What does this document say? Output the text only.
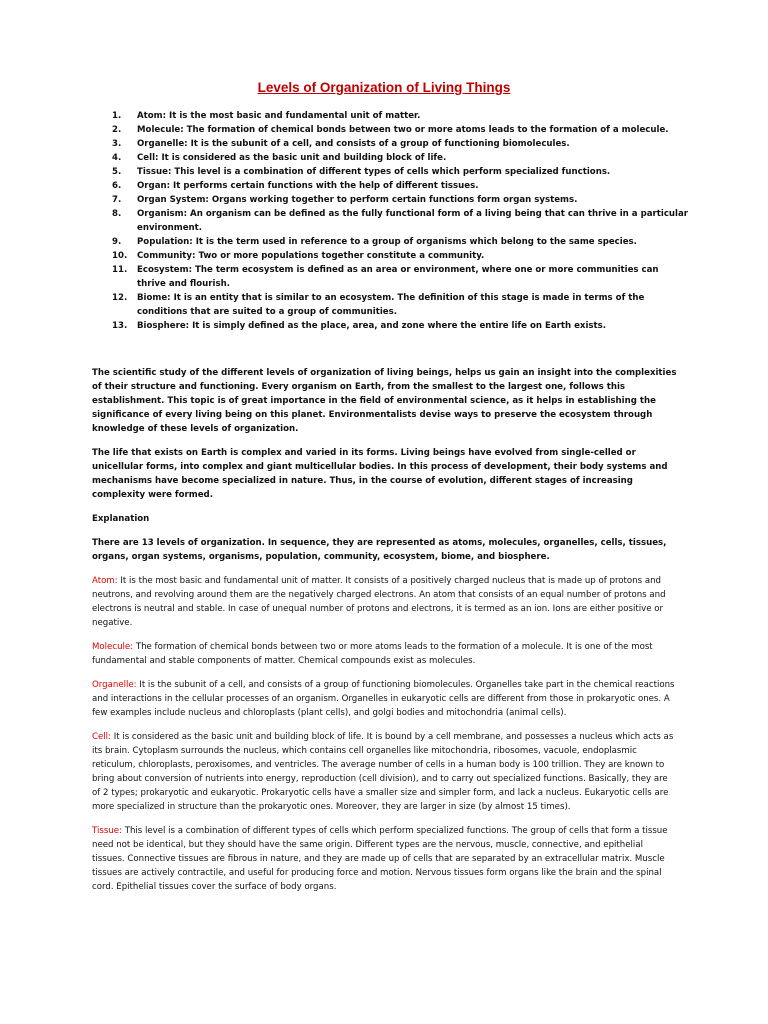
Levels of Organization of Living Things
1.	Atom: It is the most basic and fundamental unit of matter.
2.	Molecule: The formation of chemical bonds between two or more atoms leads to the formation of a molecule.
3.	Organelle: It is the subunit of a cell, and consists of a group of functioning biomolecules.
4.	Cell: It is considered as the basic unit and building block of life.
5.	Tissue: This level is a combination of different types of cells which perform specialized functions.
6.	Organ: It performs certain functions with the help of different tissues.
7.	Organ System: Organs working together to perform certain functions form organ systems.
8.	Organism: An organism can be defined as the fully functional form of a living being that can thrive in a particular environment.
9.	Population: It is the term used in reference to a group of organisms which belong to the same species.
10.	Community: Two or more populations together constitute a community.
11.	Ecosystem: The term ecosystem is defined as an area or environment, where one or more communities can thrive and flourish.
12.	Biome: It is an entity that is similar to an ecosystem. The definition of this stage is made in terms of the conditions that are suited to a group of communities.
13.	Biosphere: It is simply defined as the place, area, and zone where the entire life on Earth exists.

The scientific study of the different levels of organization of living beings, helps us gain an insight into the complexities of their structure and functioning. Every organism on Earth, from the smallest to the largest one, follows this establishment. This topic is of great importance in the field of environmental science, as it helps in establishing the significance of every living being on this planet. Environmentalists devise ways to preserve the ecosystem through knowledge of these levels of organization.

The life that exists on Earth is complex and varied in its forms. Living beings have evolved from single-celled or unicellular forms, into complex and giant multicellular bodies. In this process of development, their body systems and mechanisms have become specialized in nature. Thus, in the course of evolution, different stages of increasing complexity were formed.

Explanation

There are 13 levels of organization. In sequence, they are represented as atoms, molecules, organelles, cells, tissues, organs, organ systems, organisms, population, community, ecosystem, biome, and biosphere.

Atom: It is the most basic and fundamental unit of matter. It consists of a positively charged nucleus that is made up of protons and neutrons, and revolving around them are the negatively charged electrons. An atom that consists of an equal number of protons and electrons is neutral and stable. In case of unequal number of protons and electrons, it is termed as an ion. Ions are either positive or negative.

Molecule: The formation of chemical bonds between two or more atoms leads to the formation of a molecule. It is one of the most fundamental and stable components of matter. Chemical compounds exist as molecules.

Organelle: It is the subunit of a cell, and consists of a group of functioning biomolecules. Organelles take part in the chemical reactions and interactions in the cellular processes of an organism. Organelles in eukaryotic cells are different from those in prokaryotic ones. A few examples include nucleus and chloroplasts (plant cells), and golgi bodies and mitochondria (animal cells).

Cell: It is considered as the basic unit and building block of life. It is bound by a cell membrane, and possesses a nucleus which acts as its brain. Cytoplasm surrounds the nucleus, which contains cell organelles like mitochondria, ribosomes, vacuole, endoplasmic reticulum, chloroplasts, peroxisomes, and ventricles. The average number of cells in a human body is 100 trillion. They are known to bring about conversion of nutrients into energy, reproduction (cell division), and to carry out specialized functions. Basically, they are of 2 types; prokaryotic and eukaryotic. Prokaryotic cells have a smaller size and simpler form, and lack a nucleus. Eukaryotic cells are more specialized in structure than the prokaryotic ones. Moreover, they are larger in size (by almost 15 times).

Tissue: This level is a combination of different types of cells which perform specialized functions. The group of cells that form a tissue need not be identical, but they should have the same origin. Different types are the nervous, muscle, connective, and epithelial tissues. Connective tissues are fibrous in nature, and they are made up of cells that are separated by an extracellular matrix. Muscle tissues are actively contractile, and useful for producing force and motion. Nervous tissues form organs like the brain and the spinal cord. Epithelial tissues cover the surface of body organs.
